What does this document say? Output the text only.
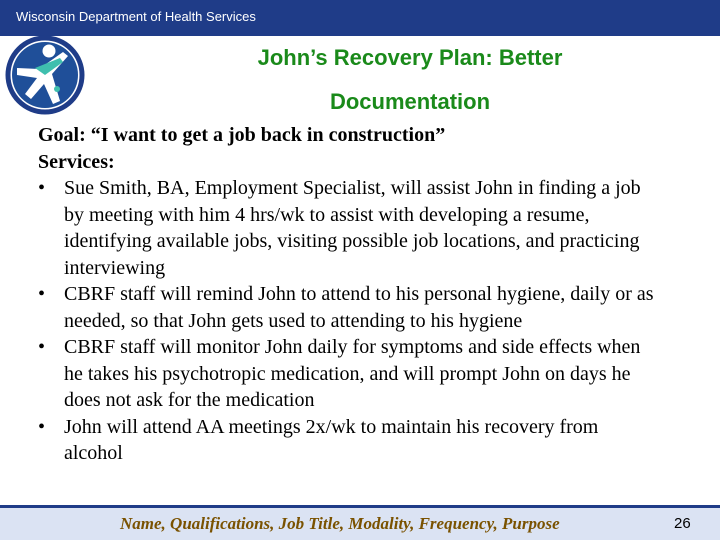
Wisconsin Department of Health Services
John’s Recovery Plan: Better
Documentation
Goal: “I want to get a job back in construction”
Services:
• Sue Smith, BA, Employment Specialist, will assist John in finding a job
by meeting with him 4 hrs/wk to assist with developing a resume,
identifying available jobs, visiting possible job locations, and practicing
interviewing
• CBRF staff will remind John to attend to his personal hygiene, daily or as
needed, so that John gets used to attending to his hygiene
• CBRF staff will monitor John daily for symptoms and side effects when
he takes his psychotropic medication, and will prompt John on days he
does not ask for the medication
• John will attend AA meetings 2x/wk to maintain his recovery from
alcohol
Name, Qualifications, Job Title, Modality, Frequency, Purpose	26
